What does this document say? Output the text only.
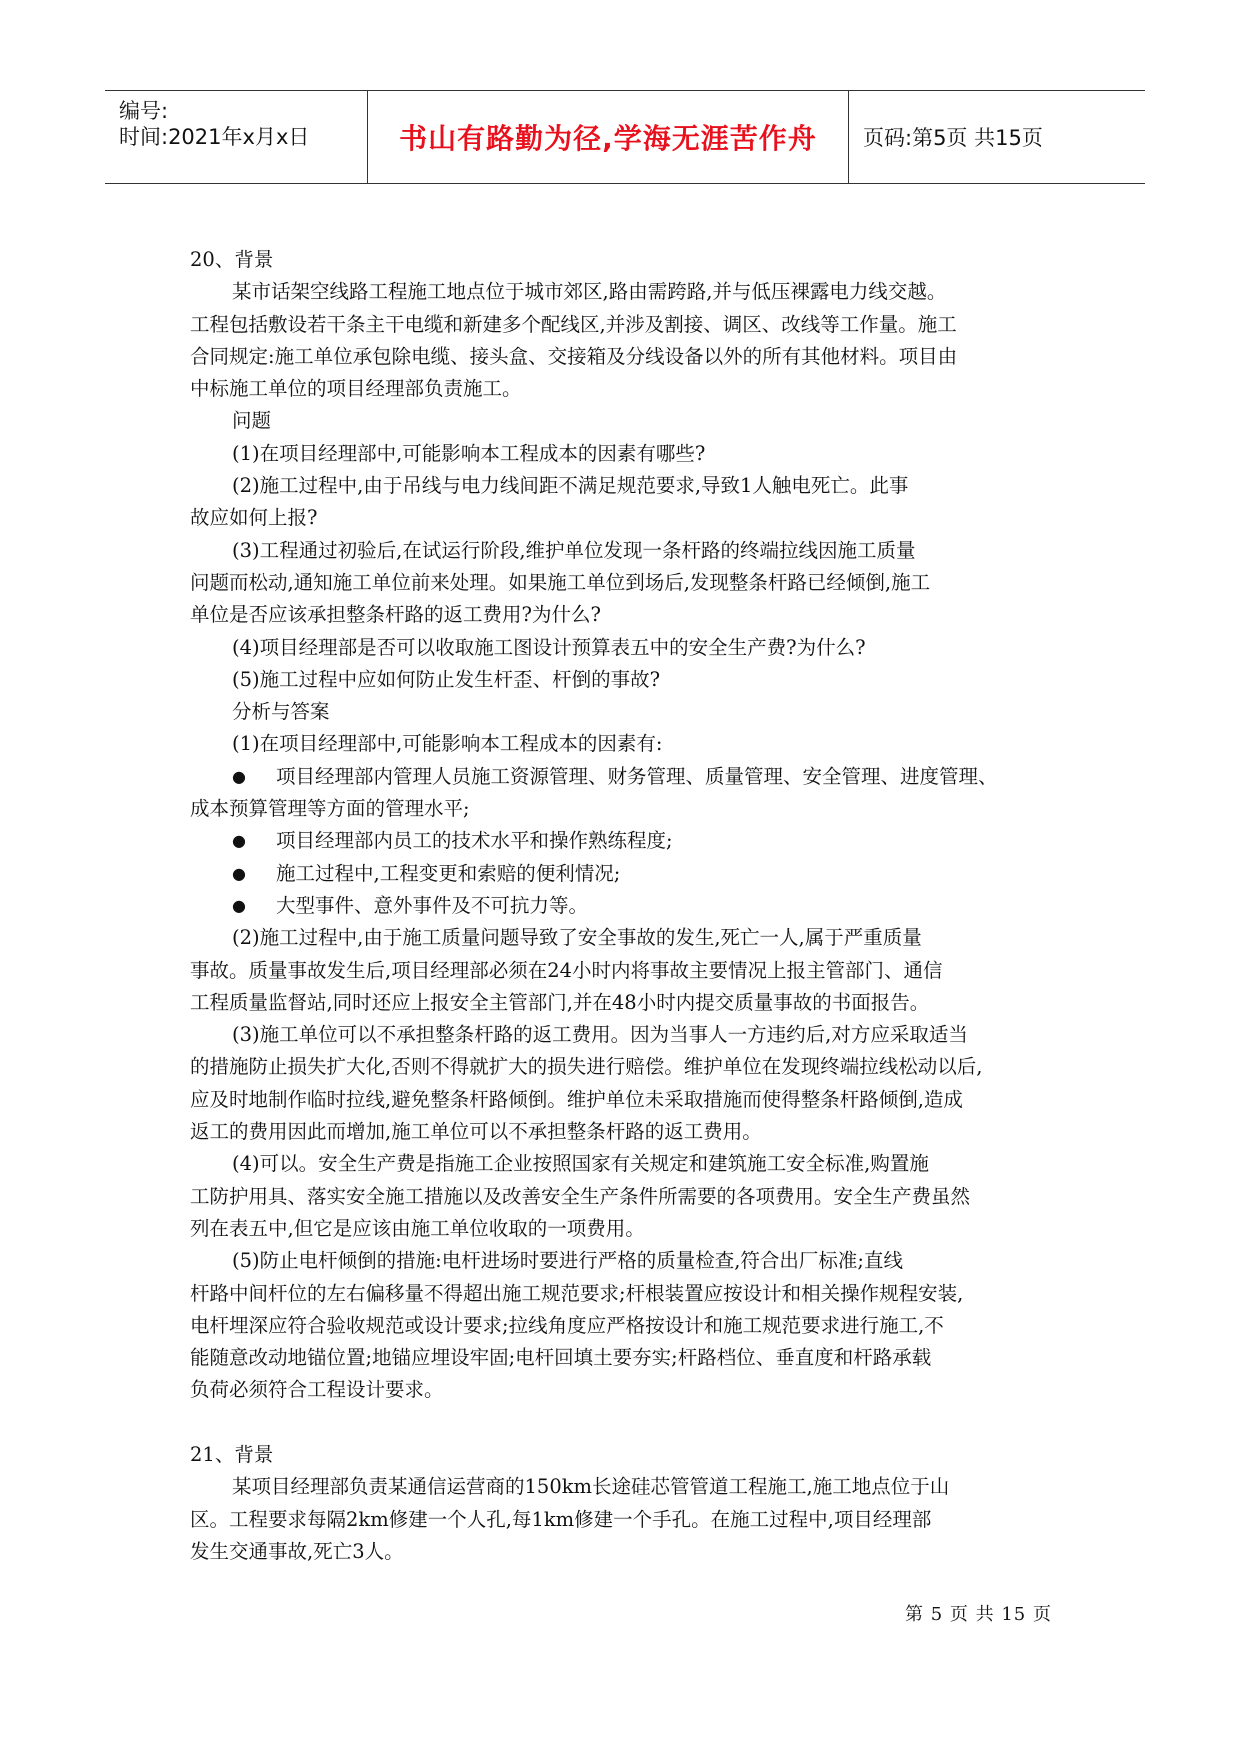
编号:
时间:2021年x月x日	书山有路勤为径,学海无涯苦作舟	页码:第5页 共15页
20、背景
某市话架空线路工程施工地点位于城市郊区,路由需跨路,并与低压裸露电力线交越。
工程包括敷设若干条主干电缆和新建多个配线区,并涉及割接、调区、改线等工作量。施工
合同规定:施工单位承包除电缆、接头盒、交接箱及分线设备以外的所有其他材料。项目由
中标施工单位的项目经理部负责施工。
问题
(1)在项目经理部中,可能影响本工程成本的因素有哪些?
(2)施工过程中,由于吊线与电力线间距不满足规范要求,导致1人触电死亡。此事
故应如何上报?
(3)工程通过初验后,在试运行阶段,维护单位发现一条杆路的终端拉线因施工质量
问题而松动,通知施工单位前来处理。如果施工单位到场后,发现整条杆路已经倾倒,施工
单位是否应该承担整条杆路的返工费用?为什么?
(4)项目经理部是否可以收取施工图设计预算表五中的安全生产费?为什么?
(5)施工过程中应如何防止发生杆歪、杆倒的事故?
分析与答案
(1)在项目经理部中,可能影响本工程成本的因素有:
● 项目经理部内管理人员施工资源管理、财务管理、质量管理、安全管理、进度管理、
成本预算管理等方面的管理水平;
● 项目经理部内员工的技术水平和操作熟练程度;
● 施工过程中,工程变更和索赔的便利情况;
● 大型事件、意外事件及不可抗力等。
(2)施工过程中,由于施工质量问题导致了安全事故的发生,死亡一人,属于严重质量
事故。质量事故发生后,项目经理部必须在24小时内将事故主要情况上报主管部门、通信
工程质量监督站,同时还应上报安全主管部门,并在48小时内提交质量事故的书面报告。
(3)施工单位可以不承担整条杆路的返工费用。因为当事人一方违约后,对方应采取适当
的措施防止损失扩大化,否则不得就扩大的损失进行赔偿。维护单位在发现终端拉线松动以后,
应及时地制作临时拉线,避免整条杆路倾倒。维护单位未采取措施而使得整条杆路倾倒,造成
返工的费用因此而增加,施工单位可以不承担整条杆路的返工费用。
(4)可以。安全生产费是指施工企业按照国家有关规定和建筑施工安全标准,购置施
工防护用具、落实安全施工措施以及改善安全生产条件所需要的各项费用。安全生产费虽然
列在表五中,但它是应该由施工单位收取的一项费用。
(5)防止电杆倾倒的措施:电杆进场时要进行严格的质量检查,符合出厂标准;直线
杆路中间杆位的左右偏移量不得超出施工规范要求;杆根装置应按设计和相关操作规程安装,
电杆埋深应符合验收规范或设计要求;拉线角度应严格按设计和施工规范要求进行施工,不
能随意改动地锚位置;地锚应埋设牢固;电杆回填土要夯实;杆路档位、垂直度和杆路承载
负荷必须符合工程设计要求。
21、背景
某项目经理部负责某通信运营商的150km长途硅芯管管道工程施工,施工地点位于山
区。工程要求每隔2km修建一个人孔,每1km修建一个手孔。在施工过程中,项目经理部
发生交通事故,死亡3人。
第 5 页 共 15 页
